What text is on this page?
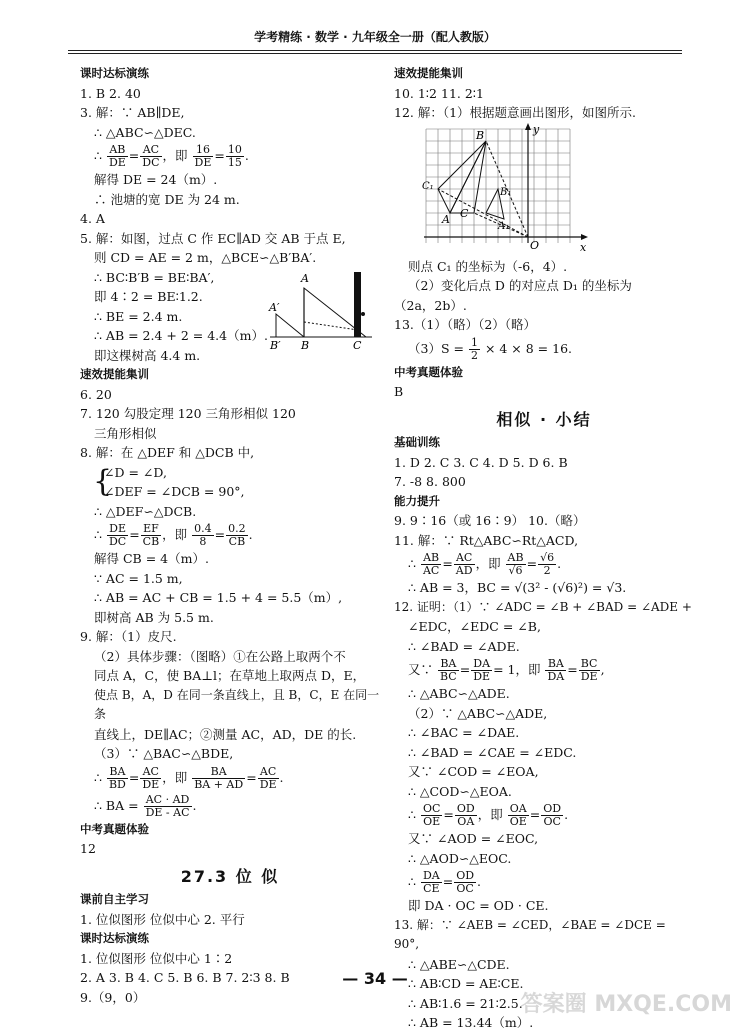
学考精练 · 数学 · 九年级全一册（配人教版）
课时达标演练
1. B 2. 40
3. 解：∵ AB∥DE,
∴ △ABC∽△DEC.
∴ $\frac{AB}{DE} = \frac{AC}{DC}$ ，即 $\frac{16}{DE} = \frac{10}{15}$ .
解得 DE = 24（m）.
∴ 池塘的宽 DE 为 24 m.
4. A
5. 解：如图，过点 C 作 EC∥AD 交 AB 于点 E,
则 CD = AE = 2 m，△BCE∽△B′BA′.
∴ BC∶B′B = BE∶BA′,
即 4∶2 = BE∶1.2.
∴ BE = 2.4 m.
∴ AB = 2.4 + 2 = 4.4（m）.
即这棵树高 4.4 m.
A
A′
B′ B	C
速效提能集训
6. 20
7. 120 勾股定理 120 三角形相似 120
三角形相似
8. 解：在 △DEF 和 △DCB 中,
{
∠D = ∠D,
∠DEF = ∠DCB = 90°,
∴ △DEF∽△DCB.
∴ $\frac{DE}{DC} = \frac{EF}{CB}$ ，即 $\frac{0.4}{8} = \frac{0.2}{CB}$ .
解得 CB = 4（m）.
∵ AC = 1.5 m,
∴ AB = AC + CB = 1.5 + 4 = 5.5（m）,
即树高 AB 为 5.5 m.
9. 解：（1）皮尺.
（2）具体步骤：（图略）①在公路上取两个不
同点 A，C，使 BA⊥l；在草地上取两点 D，E，
使点 B，A，D 在同一条直线上，且 B，C，E 在同一条
直线上，DE∥AC；②测量 AC，AD，DE 的长.
（3）∵ △BAC∽△BDE,
∴ $\frac{BA}{BD} = \frac{AC}{DE}$ ，即 $\frac{BA}{BA + AD} = \frac{AC}{DE}$ .
∴ BA = $\frac{AC \cdot AD}{DE - AC}$ .
中考真题体验
12
27.3 位 似
课前自主学习
1. 位似图形 位似中心 2. 平行
课时达标演练
1. 位似图形 位似中心 1∶2
2. A 3. B 4. C 5. B 6. B 7. 2∶3 8. B
9.（9，0）
速效提能集训
10. 1∶2 11. 2∶1
12. 解：（1）根据题意画出图形，如图所示.
y
x
O
B
C₁
A C
B₁
A₁
则点 C₁ 的坐标为（-6，4）.
（2）变化后点 D 的对应点 D₁ 的坐标为
（2a，2b）.
13.（1）（略）（2）（略）
$(3)S = \frac{1}{2} \times 4 \times 8 = 16$.
中考真题体验
B
相似 · 小结
基础训练
1. D 2. C 3. C 4. D 5. D 6. B
7. -8 8. 800
能力提升
9. 9∶16（或 16∶9） 10.（略）
11. 解：∵ Rt△ABC∽Rt△ACD,
∴ $\frac{AB}{AC} = \frac{AC}{AD}$ ，即 $\frac{AB}{√6} = \frac{√6}{2}$ .
∴ AB = 3，BC = √(3² - (√6)²) = √3.
12. 证明：（1）∵ ∠ADC = ∠B + ∠BAD = ∠ADE +
∠EDC，∠EDC = ∠B,
∴ ∠BAD = ∠ADE.
又∵ $\frac{BA}{BC} = \frac{DA}{DE} = 1$，即 $\frac{BA}{DA} = \frac{BC}{DE}$ ,
∴ △ABC∽△ADE.
（2）∵ △ABC∽△ADE,
∴ ∠BAC = ∠DAE.
∴ ∠BAD = ∠CAE = ∠EDC.
又∵ ∠COD = ∠EOA,
∴ △COD∽△EOA.
∴ $\frac{OC}{OE} = \frac{OD}{OA}$ ，即 $\frac{OA}{OE} = \frac{OD}{OC}$ .
又∵ ∠AOD = ∠EOC,
∴ △AOD∽△EOC.
∴ $\frac{DA}{CE} = \frac{OD}{OC}$ .
即 DA · OC = OD · CE.
13. 解：∵ ∠AEB = ∠CED，∠BAE = ∠DCE = 90°,
∴ △ABE∽△CDE.
∴ AB∶CD = AE∶CE.
∴ AB∶1.6 = 21∶2.5.
∴ AB = 13.44（m）.
— 34 —
答案圈 MXQE.COM
